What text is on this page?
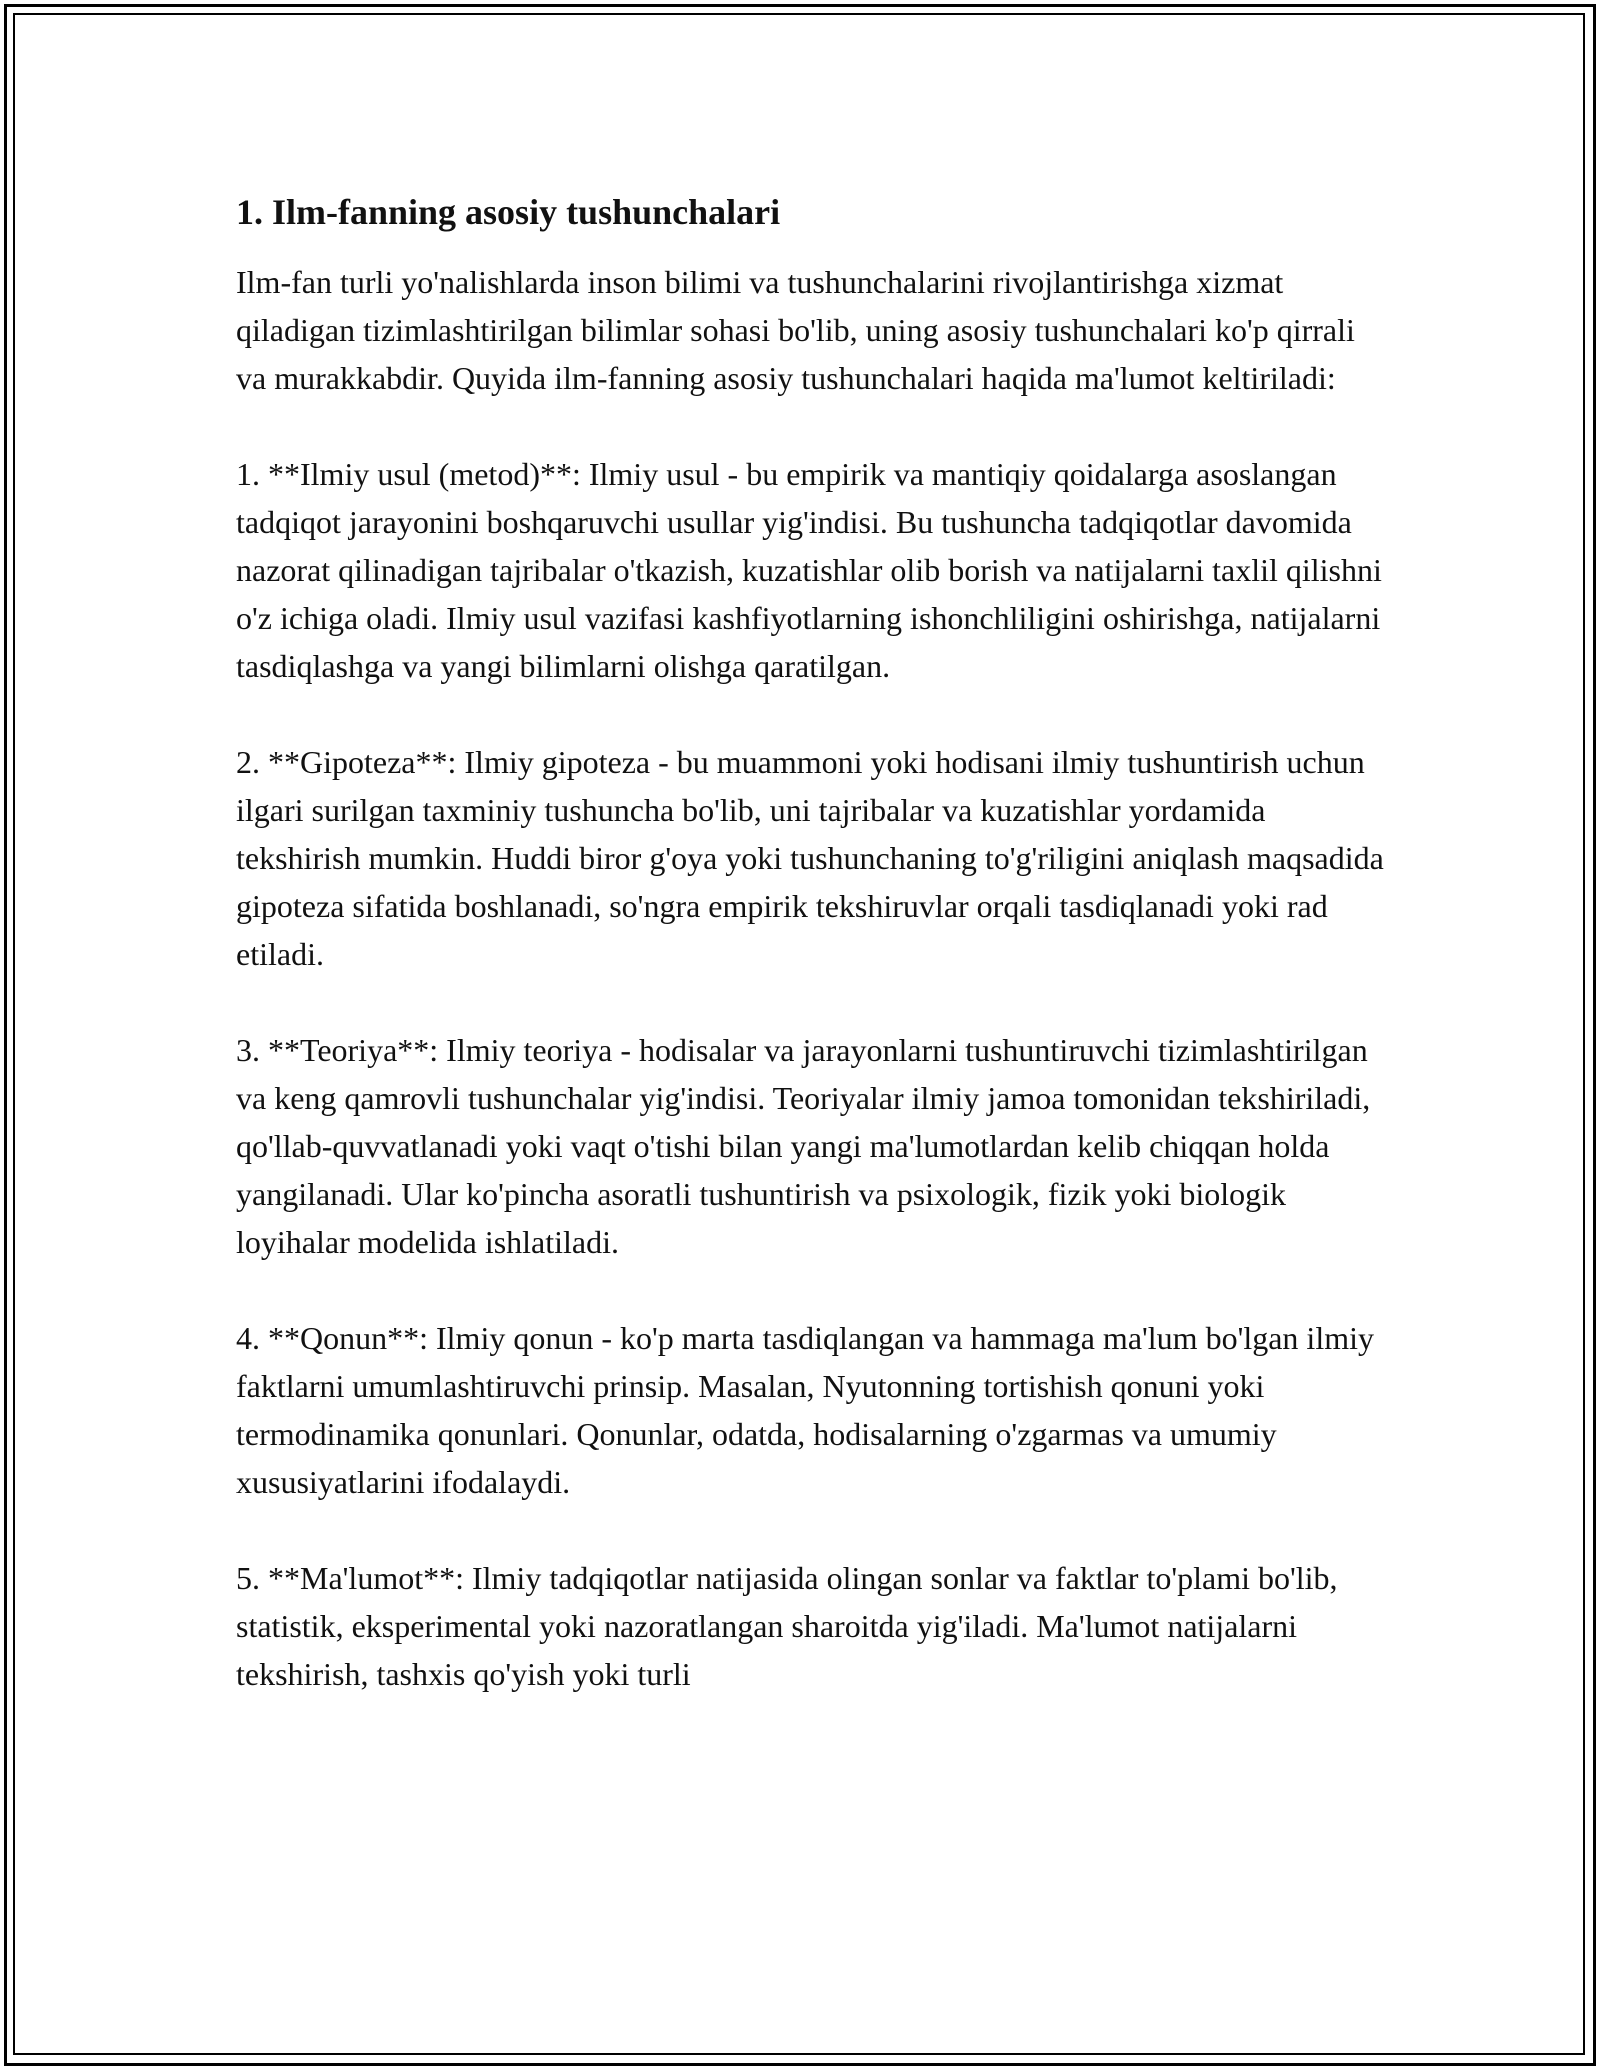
1. Ilm-fanning asosiy tushunchalari
Ilm-fan turli yo'nalishlarda inson bilimi va tushunchalarini rivojlantirishga xizmat qiladigan tizimlashtirilgan bilimlar sohasi bo'lib, uning asosiy tushunchalari ko'p qirrali va murakkabdir. Quyida ilm-fanning asosiy tushunchalari haqida ma'lumot keltiriladi:
1. **Ilmiy usul (metod)**: Ilmiy usul - bu empirik va mantiqiy qoidalarga asoslangan tadqiqot jarayonini boshqaruvchi usullar yig'indisi. Bu tushuncha tadqiqotlar davomida nazorat qilinadigan tajribalar o'tkazish, kuzatishlar olib borish va natijalarni taxlil qilishni o'z ichiga oladi. Ilmiy usul vazifasi kashfiyotlarning ishonchliligini oshirishga, natijalarni tasdiqlashga va yangi bilimlarni olishga qaratilgan.
2. **Gipoteza**: Ilmiy gipoteza - bu muammoni yoki hodisani ilmiy tushuntirish uchun ilgari surilgan taxminiy tushuncha bo'lib, uni tajribalar va kuzatishlar yordamida tekshirish mumkin. Huddi biror g'oya yoki tushunchaning to'g'riligini aniqlash maqsadida gipoteza sifatida boshlanadi, so'ngra empirik tekshiruvlar orqali tasdiqlanadi yoki rad etiladi.
3. **Teoriya**: Ilmiy teoriya - hodisalar va jarayonlarni tushuntiruvchi tizimlashtirilgan va keng qamrovli tushunchalar yig'indisi. Teoriyalar ilmiy jamoa tomonidan tekshiriladi, qo'llab-quvvatlanadi yoki vaqt o'tishi bilan yangi ma'lumotlardan kelib chiqqan holda yangilanadi. Ular ko'pincha asoratli tushuntirish va psixologik, fizik yoki biologik loyihalar modelida ishlatiladi.
4. **Qonun**: Ilmiy qonun - ko'p marta tasdiqlangan va hammaga ma'lum bo'lgan ilmiy faktlarni umumlashtiruvchi prinsip. Masalan, Nyutonning tortishish qonuni yoki termodinamika qonunlari. Qonunlar, odatda, hodisalarning o'zgarmas va umumiy xususiyatlarini ifodalaydi.
5. **Ma'lumot**: Ilmiy tadqiqotlar natijasida olingan sonlar va faktlar to'plami bo'lib, statistik, eksperimental yoki nazoratlangan sharoitda yig'iladi. Ma'lumot natijalarni tekshirish, tashxis qo'yish yoki turli
